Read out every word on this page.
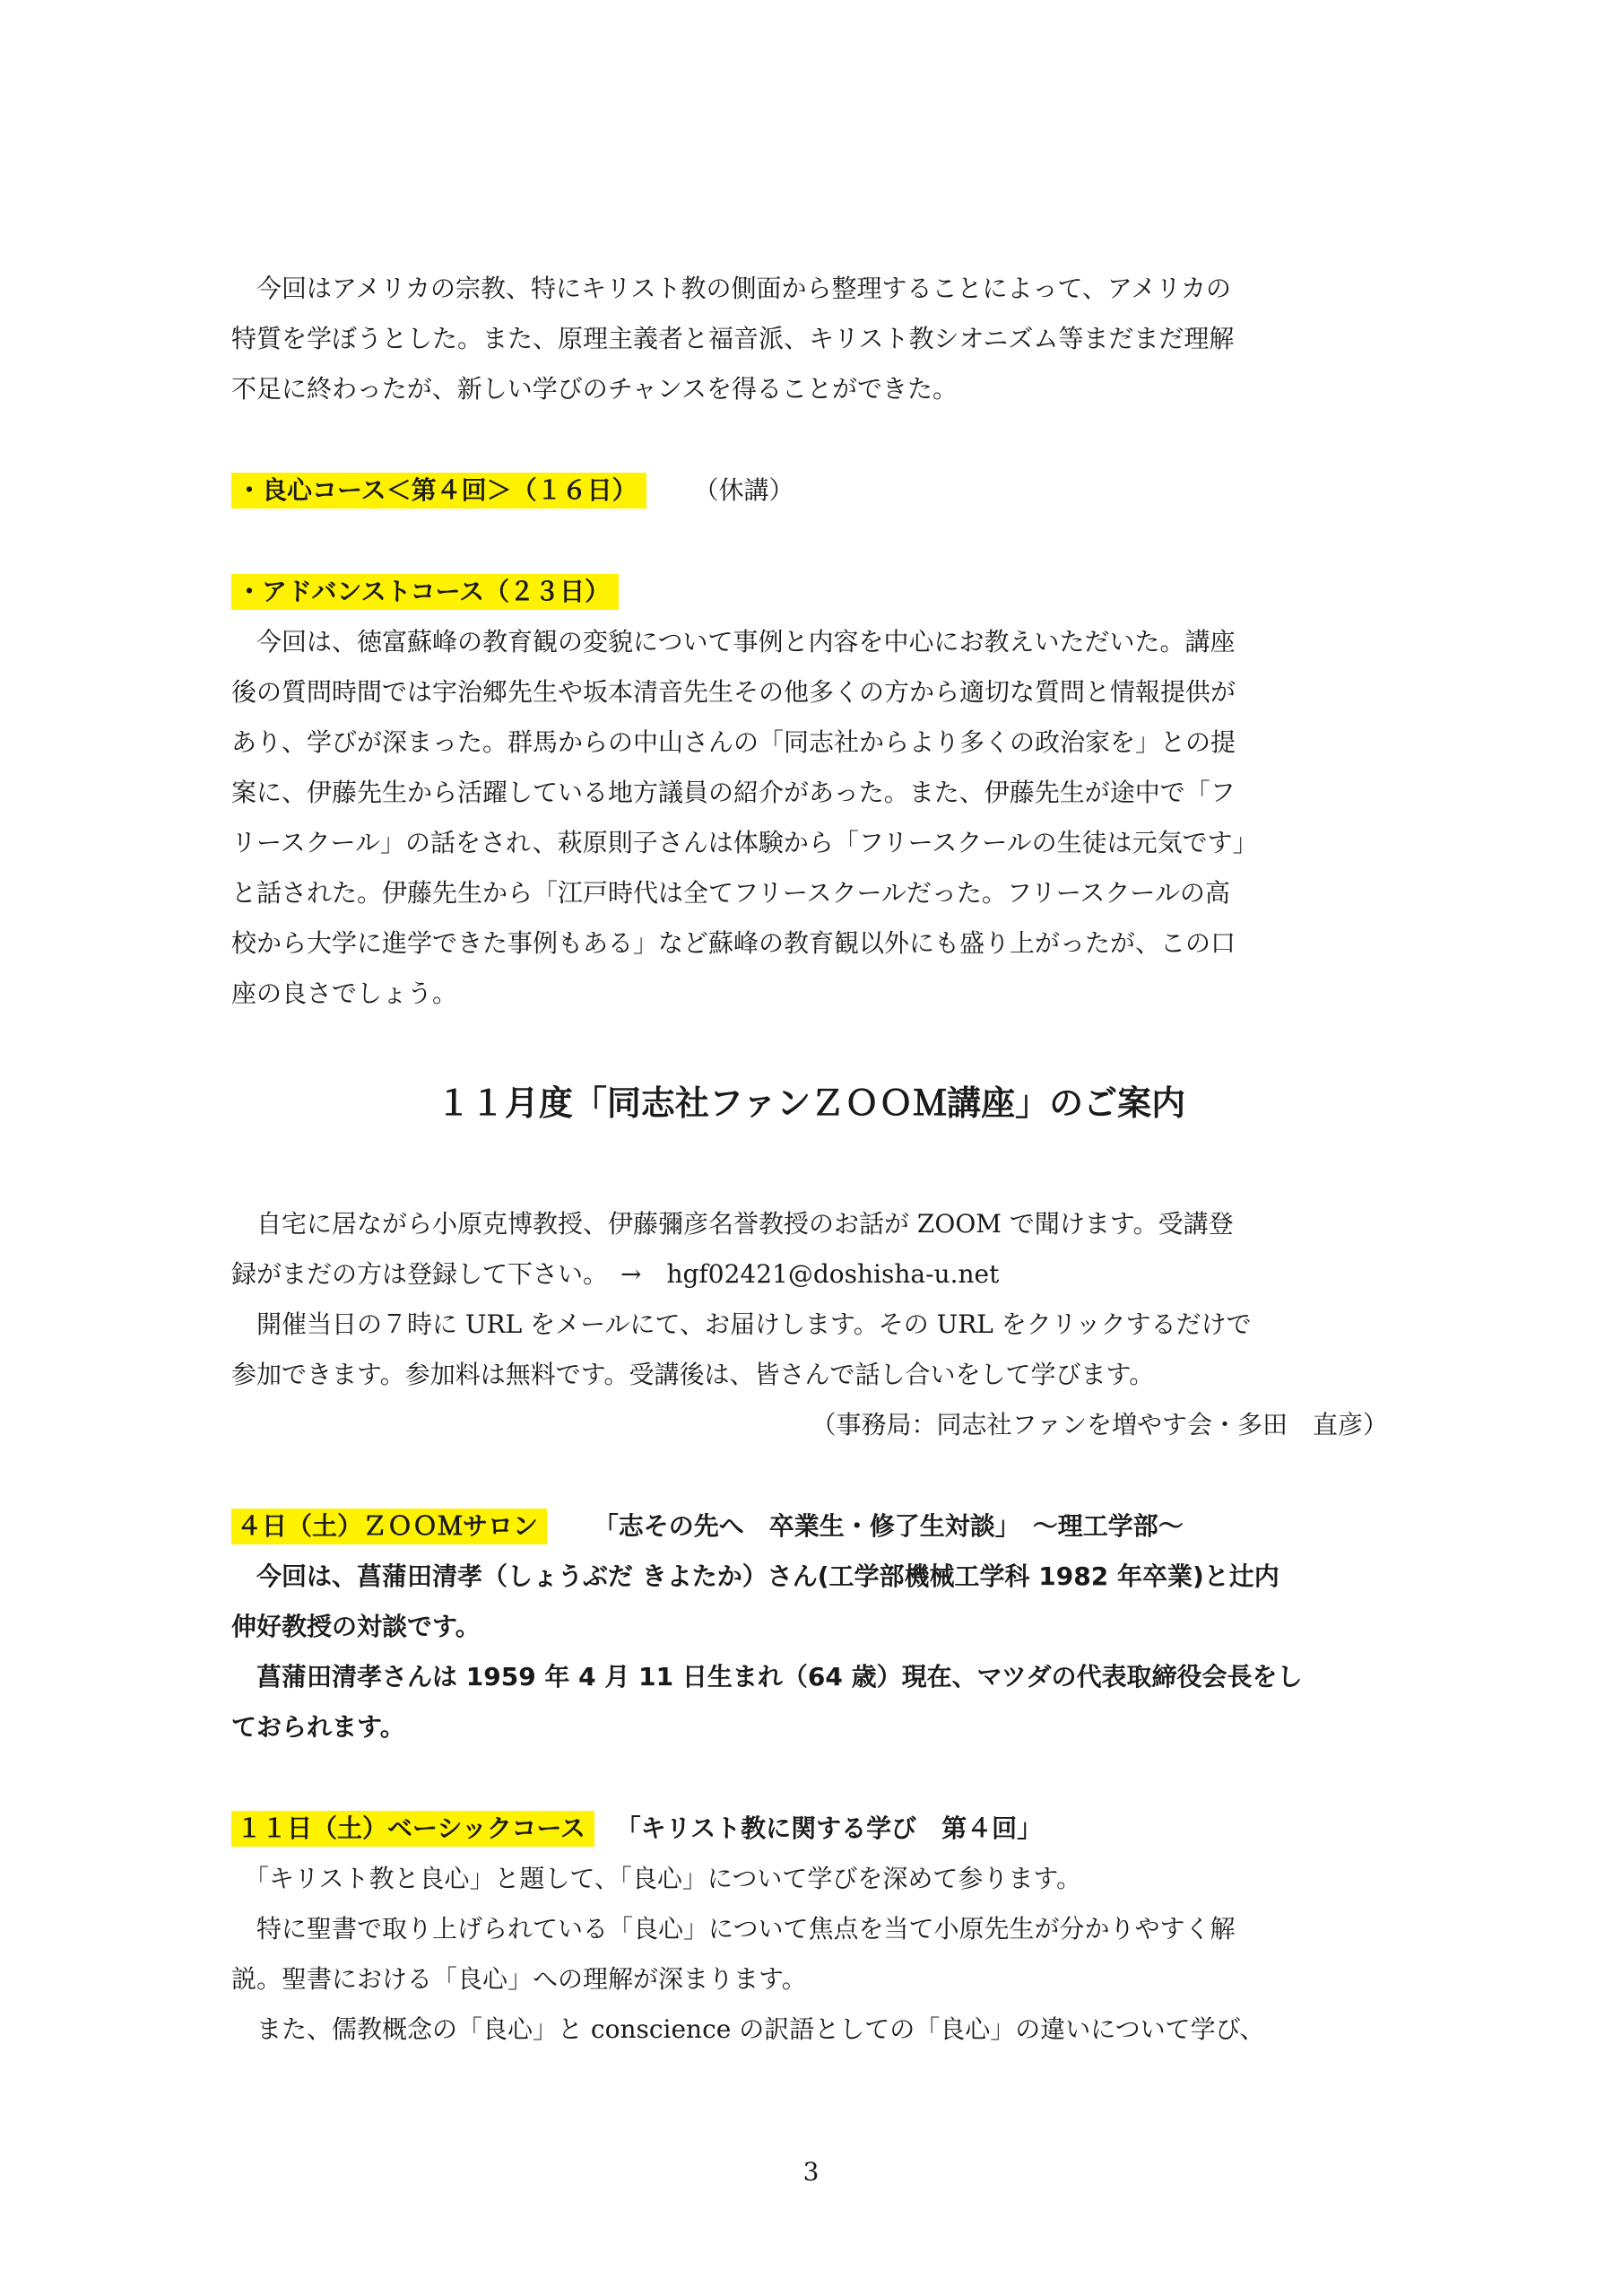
　今回はアメリカの宗教、特にキリスト教の側面から整理することによって、アメリカの
特質を学ぼうとした。また、原理主義者と福音派、キリスト教シオニズム等まだまだ理解
不足に終わったが、新しい学びのチャンスを得ることができた。
・良心コース＜第４回＞（１６日） （休講）
・アドバンストコース（２３日）
　今回は、徳富蘇峰の教育観の変貌について事例と内容を中心にお教えいただいた。講座
後の質問時間では宇治郷先生や坂本清音先生その他多くの方から適切な質問と情報提供が
あり、学びが深まった。群馬からの中山さんの「同志社からより多くの政治家を」との提
案に、伊藤先生から活躍している地方議員の紹介があった。また、伊藤先生が途中で「フ
リースクール」の話をされ、萩原則子さんは体験から「フリースクールの生徒は元気です」
と話された。伊藤先生から「江戸時代は全てフリースクールだった。フリースクールの高
校から大学に進学できた事例もある」など蘇峰の教育観以外にも盛り上がったが、この口
座の良さでしょう。
１１月度「同志社ファンＺＯＯＭ講座」のご案内
　自宅に居ながら小原克博教授、伊藤彌彦名誉教授のお話が ZOOM で聞けます。受講登
録がまだの方は登録して下さい。　→　hgf02421@doshisha-u.net
　開催当日の７時に URL をメールにて、お届けします。その URL をクリックするだけで
参加できます。参加料は無料です。受講後は、皆さんで話し合いをして学びます。
（事務局：同志社ファンを増やす会・多田　直彦）
４日（土）ＺＯＯＭサロン 　　「志その先へ　卒業生・修了生対談」　～理工学部～
　今回は、菖蒲田清孝（しょうぶだ きよたか）さん(工学部機械工学科 1982 年卒業)と辻内
伸好教授の対談です。
　菖蒲田清孝さんは 1959 年 4 月 11 日生まれ（64 歳）現在、マツダの代表取締役会長をし
ておられます。
１１日（土）ベーシックコース 　「キリスト教に関する学び　第４回」
　「キリスト教と良心」と題して、「良心」について学びを深めて参ります。
　特に聖書で取り上げられている「良心」について焦点を当て小原先生が分かりやすく解
説。聖書における「良心」への理解が深まります。
　また、儒教概念の「良心」と conscience の訳語としての「良心」の違いについて学び、
3
